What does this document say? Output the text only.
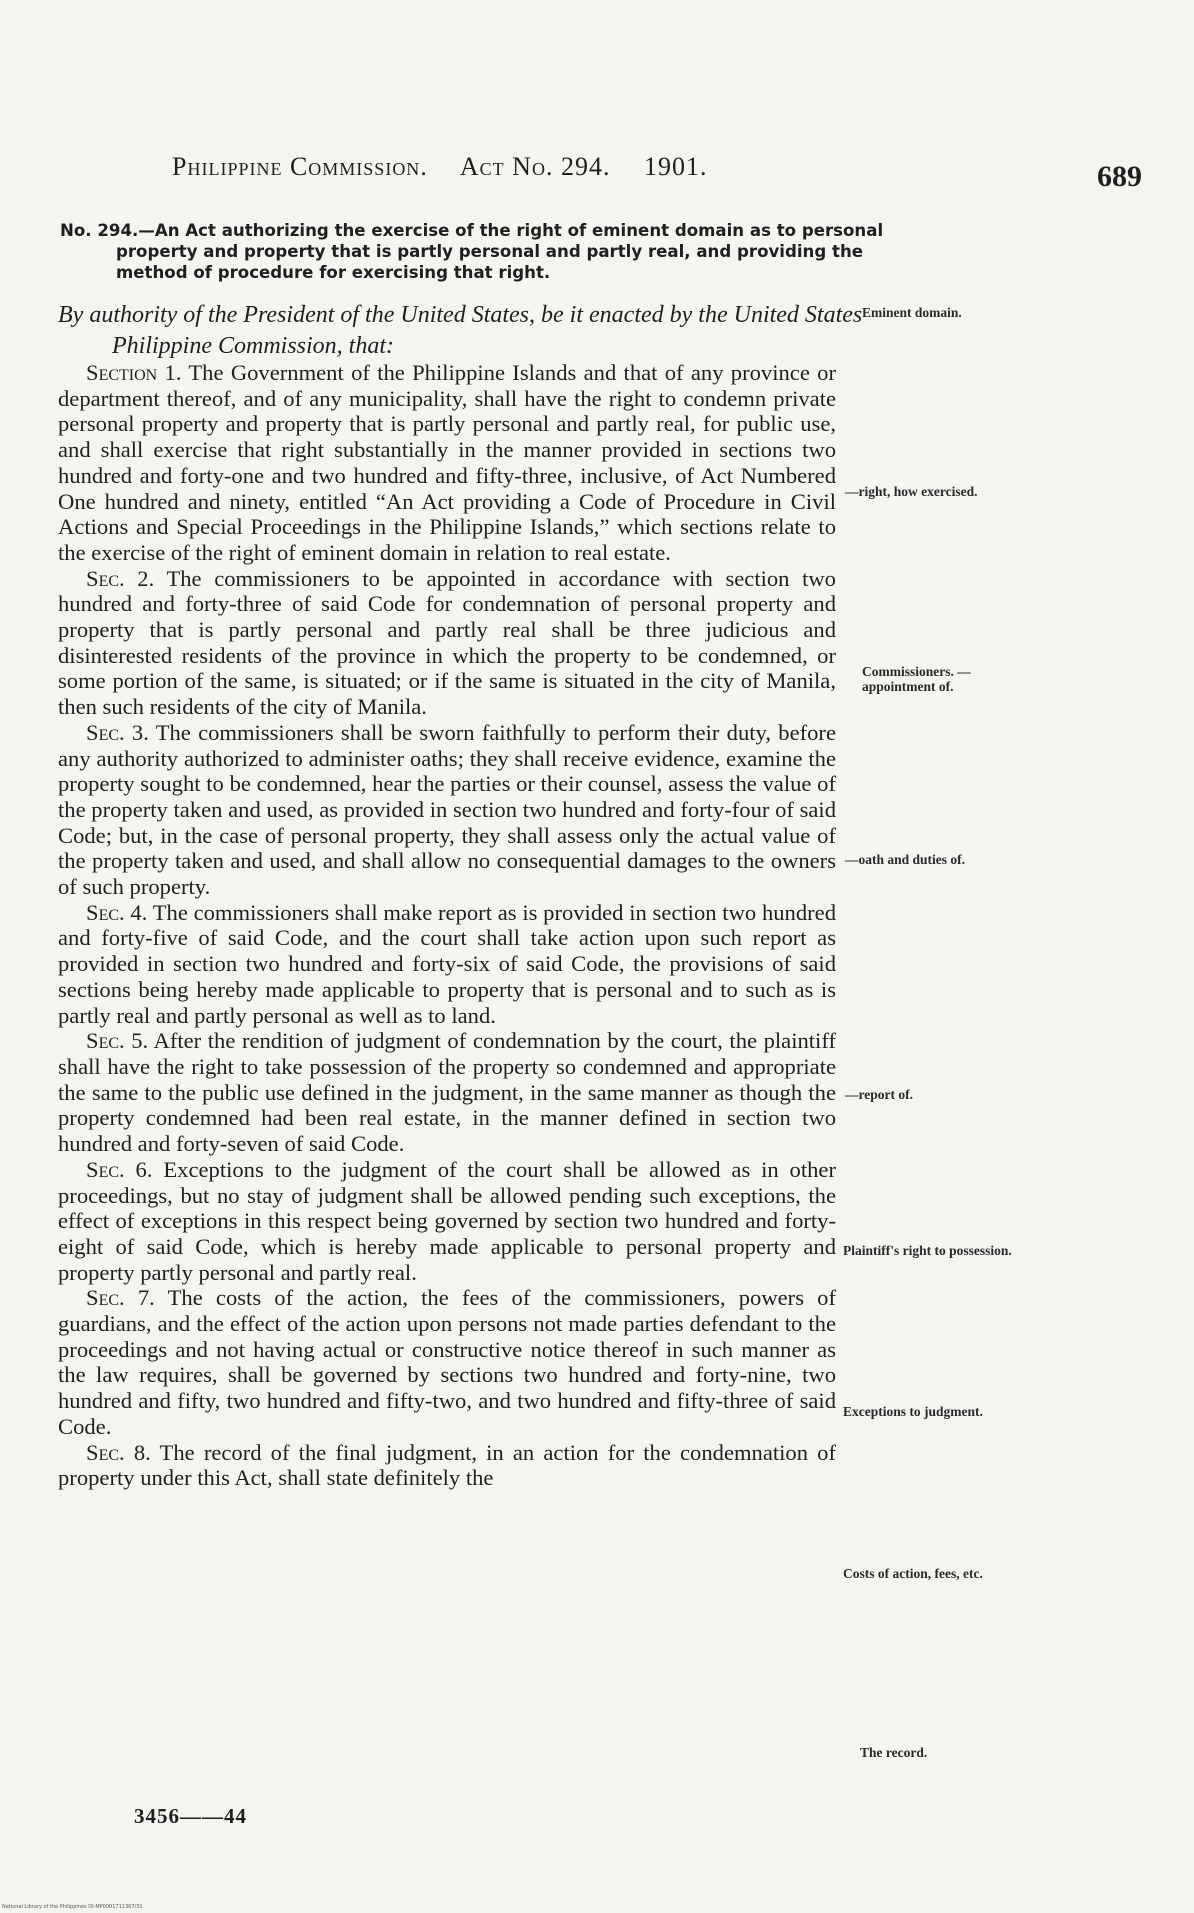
Philippine Commission. Act No. 294. 1901.	689
No. 294.—An Act authorizing the exercise of the right of eminent domain as to personal property and property that is partly personal and partly real, and providing the method of procedure for exercising that right.
By authority of the President of the United States, be it enacted by the United States Philippine Commission, that:

Section 1. The Government of the Philippine Islands and that of any province or department thereof, and of any municipality, shall have the right to condemn private personal property and property that is partly personal and partly real, for public use, and shall exercise that right substantially in the manner provided in sections two hundred and forty-one and two hundred and fifty-three, inclusive, of Act Numbered One hundred and ninety, entitled “An Act providing a Code of Procedure in Civil Actions and Special Proceedings in the Philippine Islands,” which sections relate to the exercise of the right of eminent domain in relation to real estate.

Sec. 2. The commissioners to be appointed in accordance with section two hundred and forty-three of said Code for condemnation of personal property and property that is partly personal and partly real shall be three judicious and disinterested residents of the province in which the property to be condemned, or some portion of the same, is situated; or if the same is situated in the city of Manila, then such residents of the city of Manila.

Sec. 3. The commissioners shall be sworn faithfully to perform their duty, before any authority authorized to administer oaths; they shall receive evidence, examine the property sought to be condemned, hear the parties or their counsel, assess the value of the property taken and used, as provided in section two hundred and forty-four of said Code; but, in the case of personal property, they shall assess only the actual value of the property taken and used, and shall allow no consequential damages to the owners of such property.

Sec. 4. The commissioners shall make report as is provided in section two hundred and forty-five of said Code, and the court shall take action upon such report as provided in section two hundred and forty-six of said Code, the provisions of said sections being hereby made applicable to property that is personal and to such as is partly real and partly personal as well as to land.

Sec. 5. After the rendition of judgment of condemnation by the court, the plaintiff shall have the right to take possession of the property so condemned and appropriate the same to the public use defined in the judgment, in the same manner as though the property condemned had been real estate, in the manner defined in section two hundred and forty-seven of said Code.

Sec. 6. Exceptions to the judgment of the court shall be allowed as in other proceedings, but no stay of judgment shall be allowed pending such exceptions, the effect of exceptions in this respect being governed by section two hundred and forty-eight of said Code, which is hereby made applicable to personal property and property partly personal and partly real.

Sec. 7. The costs of the action, the fees of the commissioners, powers of guardians, and the effect of the action upon persons not made parties defendant to the proceedings and not having actual or constructive notice thereof in such manner as the law requires, shall be governed by sections two hundred and forty-nine, two hundred and fifty, two hundred and fifty-two, and two hundred and fifty-three of said Code.

Sec. 8. The record of the final judgment, in an action for the condemnation of property under this Act, shall state definitely the

Eminent domain.
—right, how exercised.
Commissioners. —appointment of.
—oath and duties of.
—report of.
Plaintiff's right to possession.
Exceptions to judgment.
Costs of action, fees, etc.
The record.
3456——44
National Library of the Philippines DI-MP0001711307/31
